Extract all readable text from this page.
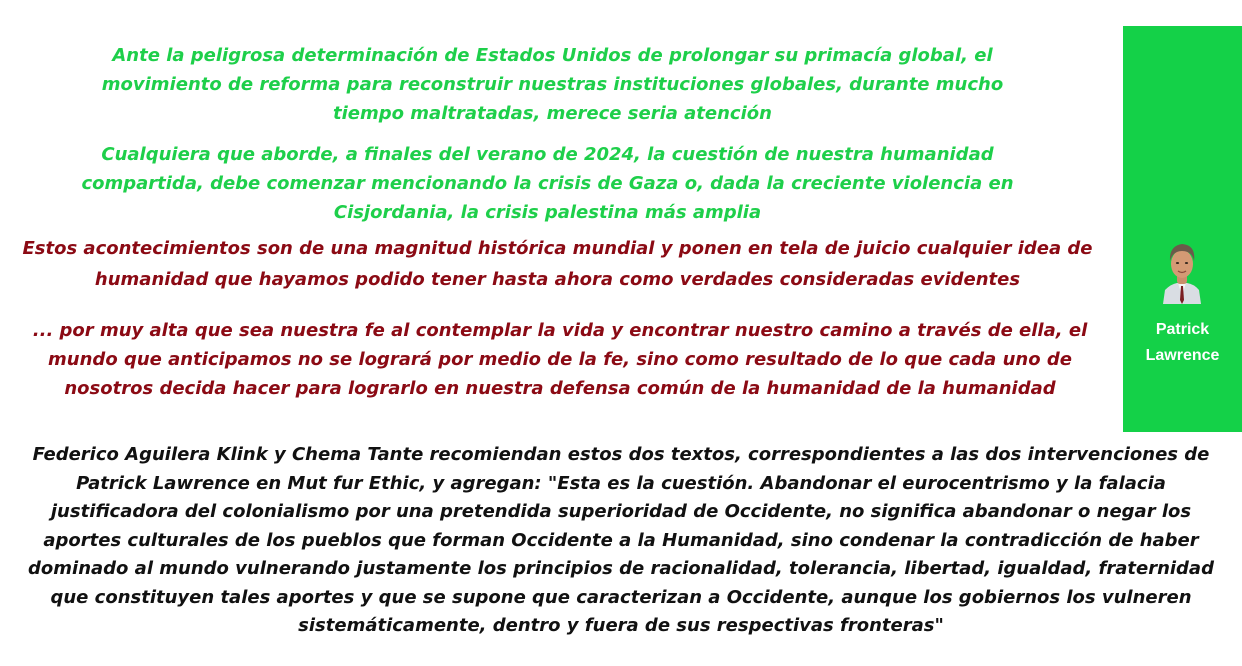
Ante la peligrosa determinación de Estados Unidos de prolongar su primacía global, el movimiento de reforma para reconstruir nuestras instituciones globales, durante mucho tiempo maltratadas, merece seria atención

Cualquiera que aborde, a finales del verano de 2024, la cuestión de nuestra humanidad compartida, debe comenzar mencionando la crisis de Gaza o, dada la creciente violencia en Cisjordania, la crisis palestina más amplia

Estos acontecimientos son de una magnitud histórica mundial y ponen en tela de juicio cualquier idea de humanidad que hayamos podido tener hasta ahora como verdades consideradas evidentes

... por muy alta que sea nuestra fe al contemplar la vida y encontrar nuestro camino a través de ella, el mundo que anticipamos no se logrará por medio de la fe, sino como resultado de lo que cada uno de nosotros decida hacer para lograrlo en nuestra defensa común de la humanidad de la humanidad

Patrick
Lawrence

Federico Aguilera Klink y Chema Tante recomiendan estos dos textos, correspondientes a las dos intervenciones de Patrick Lawrence en Mut fur Ethic, y agregan: "Esta es la cuestión. Abandonar el eurocentrismo y la falacia justificadora del colonialismo por una pretendida superioridad de Occidente, no significa abandonar o negar los aportes culturales de los pueblos que forman Occidente a la Humanidad, sino condenar la contradicción de haber dominado al mundo vulnerando justamente los principios de racionalidad, tolerancia, libertad, igualdad, fraternidad que constituyen tales aportes y que se supone que caracterizan a Occidente, aunque los gobiernos los vulneren sistemáticamente, dentro y fuera de sus respectivas fronteras"
